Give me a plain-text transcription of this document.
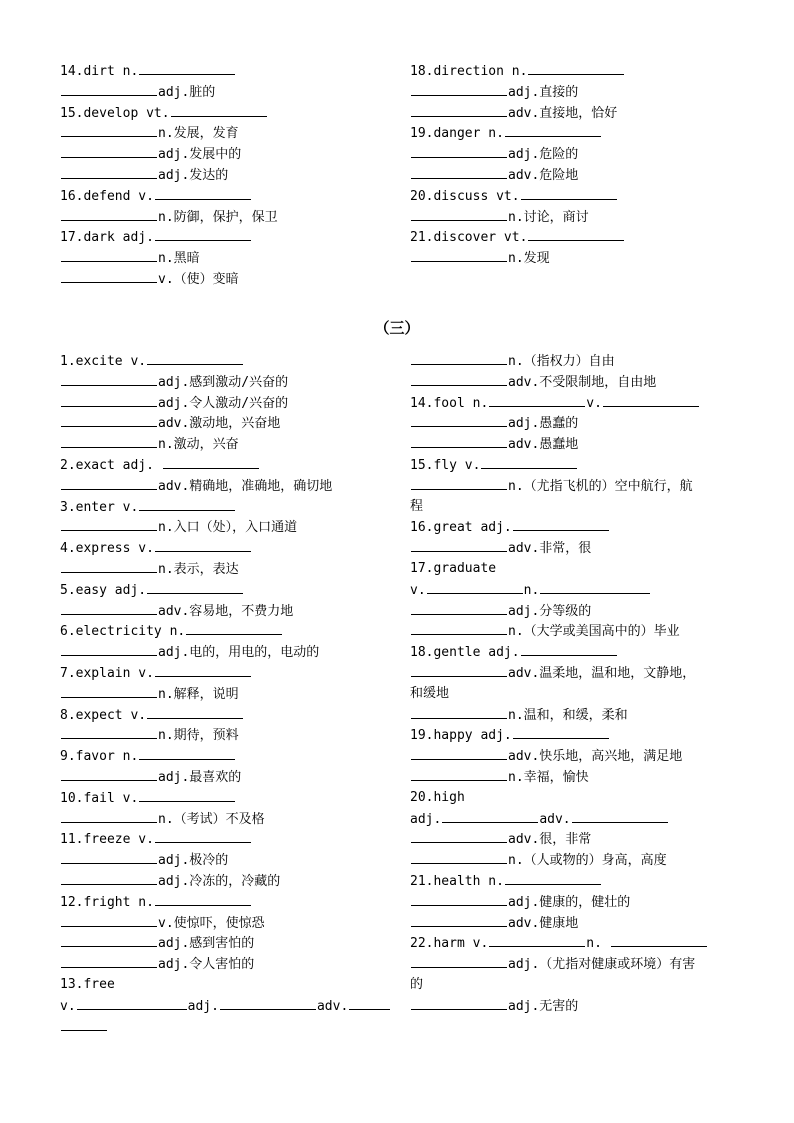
14.dirt n.
adj.脏的
15.develop vt.
n.发展，发育
adj.发展中的
adj.发达的
16.defend v.
n.防御，保护，保卫
17.dark adj.
n.黑暗
v.（使）变暗
18.direction n.
adj.直接的
adv.直接地，恰好
19.danger n.
adj.危险的
adv.危险地
20.discuss vt.
n.讨论，商讨
21.discover vt.
n.发现
（三）
1.excite v.
adj.感到激动/兴奋的
adj.令人激动/兴奋的
adv.激动地，兴奋地
n.激动，兴奋
2.exact adj.
adv.精确地，准确地，确切地
3.enter v.
n.入口（处），入口通道
4.express v.
n.表示，表达
5.easy adj.
adv.容易地，不费力地
6.electricity n.
adj.电的，用电的，电动的
7.explain v.
n.解释，说明
8.expect v.
n.期待，预料
9.favor n.
adj.最喜欢的
10.fail v.
n.（考试）不及格
11.freeze v.
adj.极冷的
adj.冷冻的，冷藏的
12.fright n.
v.使惊吓，使惊恐
adj.感到害怕的
adj.令人害怕的
13.free
v.	adj.	adv.
n.（指权力）自由
adv.不受限制地，自由地
14.fool n.	v.
adj.愚蠢的
adv.愚蠢地
15.fly v.
n.（尤指飞机的）空中航行，航
程
16.great adj.
adv.非常，很
17.graduate
v.	n.
adj.分等级的
n.（大学或美国高中的）毕业
18.gentle adj.
adv.温柔地，温和地，文静地，
和缓地
n.温和，和缓，柔和
19.happy adj.
adv.快乐地，高兴地，满足地
n.幸福，愉快
20.high
adj.	adv.
adv.很，非常
n.（人或物的）身高，高度
21.health n.
adj.健康的，健壮的
adv.健康地
22.harm v.	n.
adj.（尤指对健康或环境）有害
的
adj.无害的
